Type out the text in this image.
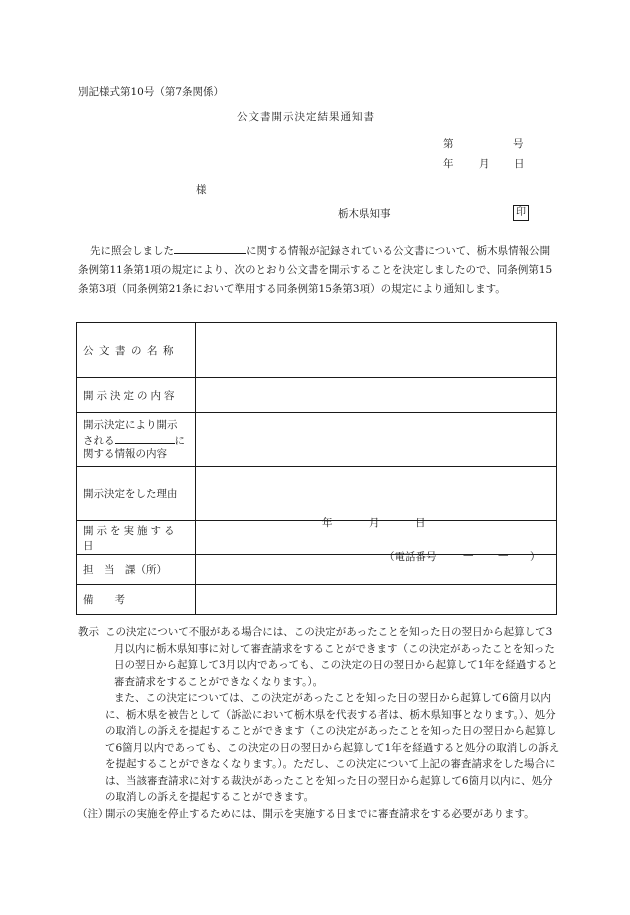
別記様式第10号（第7条関係）
公文書開示決定結果通知書
第	号
年 月 日
様
栃木県知事	印
先に照会しました	に関する情報が記録されている公文書について、栃木県情報公開条例第11条第1項の規定により、次のとおり公文書を開示することを決定しましたので、同条例第15条第3項（同条例第21条において準用する同条例第15条第3項）の規定により通知します。
公文書の名称	
開示決定の内容	

開示決定により開示
される に
関する情報の内容	

開示決定をした理由	
開示を実施する日	年 月 日

担　当　課（所）	（電話番号 — — ）

備　　考	
教示 この決定について不服がある場合には、この決定があったことを知った日の翌日から起算して3月以内に栃木県知事に対して審査請求をすることができます（この決定があったことを知った日の翌日から起算して3月以内であっても、この決定の日の翌日から起算して1年を経過すると審査請求をすることができなくなります。）。
また、この決定については、この決定があったことを知った日の翌日から起算して6箇月以内に、栃木県を被告として（訴訟において栃木県を代表する者は、栃木県知事となります。）、処分の取消しの訴えを提起することができます（この決定があったことを知った日の翌日から起算して6箇月以内であっても、この決定の日の翌日から起算して1年を経過すると処分の取消しの訴えを提起することができなくなります。）。ただし、この決定について上記の審査請求をした場合には、当該審査請求に対する裁決があったことを知った日の翌日から起算して6箇月以内に、処分の取消しの訴えを提起することができます。
（注）
開示の実施を停止するためには、開示を実施する日までに審査請求をする必要があります。
